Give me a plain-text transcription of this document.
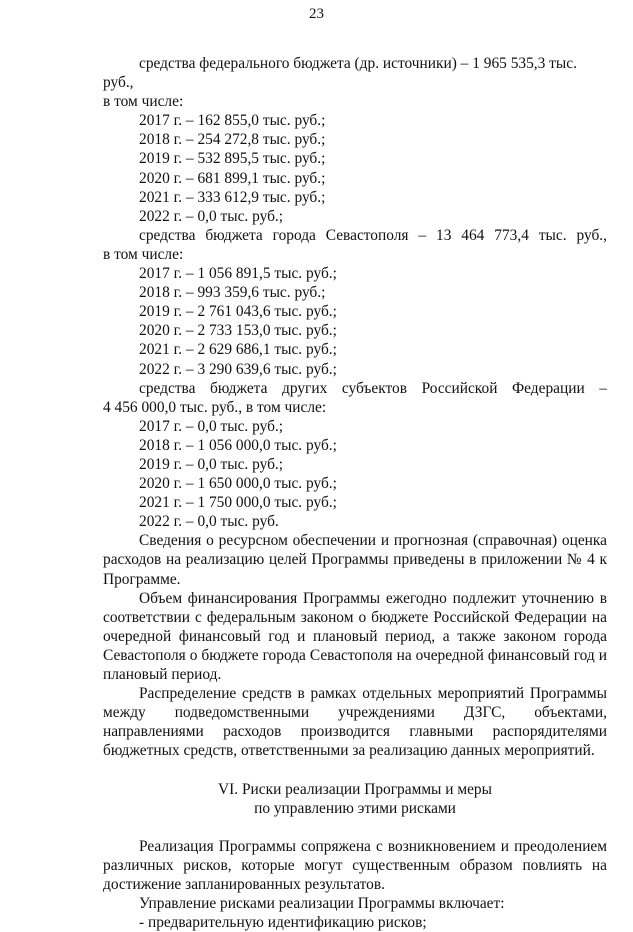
23

средства федерального бюджета (др. источники) – 1 965 535,3 тыс. руб.,

в том числе:

2017 г. – 162 855,0 тыс. руб.;

2018 г. – 254 272,8 тыс. руб.;

2019 г. – 532 895,5 тыс. руб.;

2020 г. – 681 899,1 тыс. руб.;

2021 г. – 333 612,9 тыс. руб.;

2022 г. – 0,0 тыс. руб.;

средства бюджета города Севастополя – 13 464 773,4 тыс. руб.,

в том числе:

2017 г. – 1 056 891,5 тыс. руб.;

2018 г. – 993 359,6 тыс. руб.;

2019 г. – 2 761 043,6 тыс. руб.;

2020 г. – 2 733 153,0 тыс. руб.;

2021 г. – 2 629 686,1 тыс. руб.;

2022 г. – 3 290 639,6 тыс. руб.;

средства бюджета других субъектов Российской Федерации –

4 456 000,0 тыс. руб., в том числе:

2017 г. – 0,0 тыс. руб.;

2018 г. – 1 056 000,0 тыс. руб.;

2019 г. – 0,0 тыс. руб.;

2020 г. – 1 650 000,0 тыс. руб.;

2021 г. – 1 750 000,0 тыс. руб.;

2022 г. – 0,0 тыс. руб.

Сведения о ресурсном обеспечении и прогнозная (справочная) оценка расходов на реализацию целей Программы приведены в приложении № 4 к Программе.

Объем финансирования Программы ежегодно подлежит уточнению в соответствии с федеральным законом о бюджете Российской Федерации на очередной финансовый год и плановый период, а также законом города Севастополя о бюджете города Севастополя на очередной финансовый год и плановый период.

Распределение средств в рамках отдельных мероприятий Программы между подведомственными учреждениями ДЗГС, объектами, направлениями расходов производится главными распорядителями бюджетных средств, ответственными за реализацию данных мероприятий.

VI. Риски реализации Программы и меры

по управлению этими рисками

Реализация Программы сопряжена с возникновением и преодолением различных рисков, которые могут существенным образом повлиять на достижение запланированных результатов.

Управление рисками реализации Программы включает:

- предварительную идентификацию рисков;
